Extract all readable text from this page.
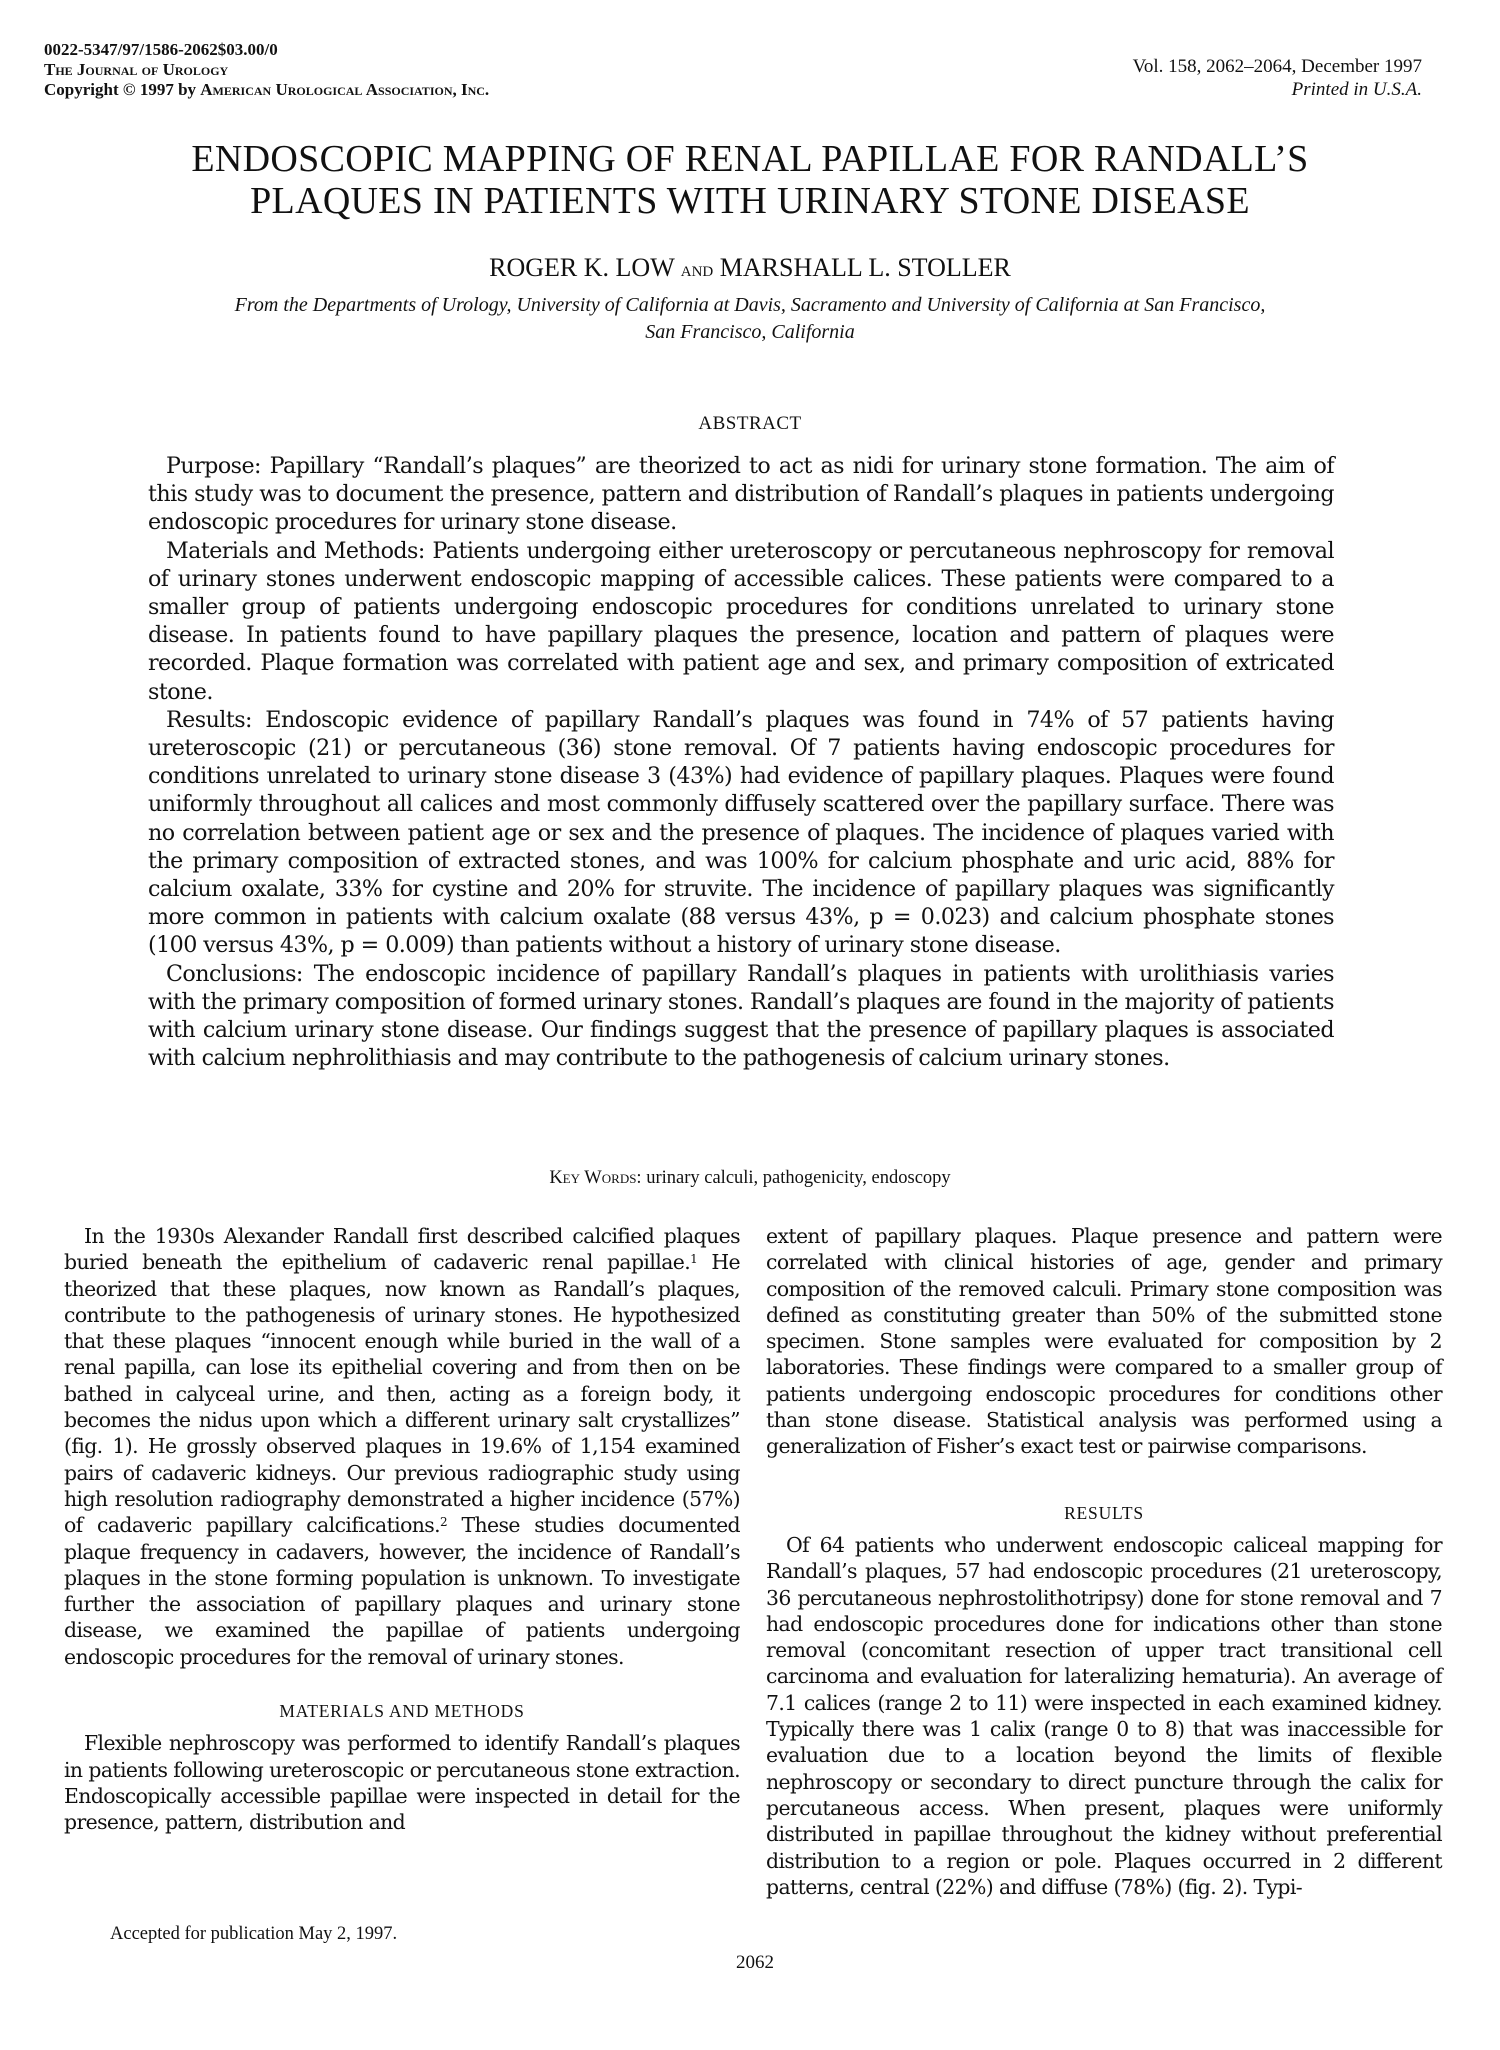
0022-5347/97/1586-2062$03.00/0
The Journal of Urology
Copyright © 1997 by American Urological Association, Inc.
Vol. 158, 2062–2064, December 1997
Printed in U.S.A.
ENDOSCOPIC MAPPING OF RENAL PAPILLAE FOR RANDALL’S
PLAQUES IN PATIENTS WITH URINARY STONE DISEASE
ROGER K. LOW and MARSHALL L. STOLLER
From the Departments of Urology, University of California at Davis, Sacramento and University of California at San Francisco,
San Francisco, California
ABSTRACT

Purpose: Papillary “Randall’s plaques” are theorized to act as nidi for urinary stone formation. The aim of this study was to document the presence, pattern and distribution of Randall’s plaques in patients undergoing endoscopic procedures for urinary stone disease.

Materials and Methods: Patients undergoing either ureteroscopy or percutaneous nephroscopy for removal of urinary stones underwent endoscopic mapping of accessible calices. These patients were compared to a smaller group of patients undergoing endoscopic procedures for conditions unrelated to urinary stone disease. In patients found to have papillary plaques the presence, location and pattern of plaques were recorded. Plaque formation was correlated with patient age and sex, and primary composition of extricated stone.

Results: Endoscopic evidence of papillary Randall’s plaques was found in 74% of 57 patients having ureteroscopic (21) or percutaneous (36) stone removal. Of 7 patients having endoscopic procedures for conditions unrelated to urinary stone disease 3 (43%) had evidence of papillary plaques. Plaques were found uniformly throughout all calices and most commonly diffusely scattered over the papillary surface. There was no correlation between patient age or sex and the presence of plaques. The incidence of plaques varied with the primary composition of extracted stones, and was 100% for calcium phosphate and uric acid, 88% for calcium oxalate, 33% for cystine and 20% for struvite. The incidence of papillary plaques was significantly more common in patients with calcium oxalate (88 versus 43%, p = 0.023) and calcium phosphate stones (100 versus 43%, p = 0.009) than patients without a history of urinary stone disease.

Conclusions: The endoscopic incidence of papillary Randall’s plaques in patients with urolithiasis varies with the primary composition of formed urinary stones. Randall’s plaques are found in the majority of patients with calcium urinary stone disease. Our findings suggest that the presence of papillary plaques is associated with calcium nephrolithiasis and may contribute to the pathogenesis of calcium urinary stones.

Key Words: urinary calculi, pathogenicity, endoscopy

In the 1930s Alexander Randall first described calcified plaques buried beneath the epithelium of cadaveric renal papillae.$^1$ He theorized that these plaques, now known as Randall’s plaques, contribute to the pathogenesis of urinary stones. He hypothesized that these plaques “innocent enough while buried in the wall of a renal papilla, can lose its epithelial covering and from then on be bathed in calyceal urine, and then, acting as a foreign body, it becomes the nidus upon which a different urinary salt crystallizes” (fig. 1). He grossly observed plaques in 19.6% of 1,154 examined pairs of cadaveric kidneys. Our previous radiographic study using high resolution radiography demonstrated a higher incidence (57%) of cadaveric papillary calcifications.$^2$ These studies documented plaque frequency in cadavers, however, the incidence of Randall’s plaques in the stone forming population is unknown. To investigate further the association of papillary plaques and urinary stone disease, we examined the papillae of patients undergoing endoscopic procedures for the removal of urinary stones.

MATERIALS AND METHODS

Flexible nephroscopy was performed to identify Randall’s plaques in patients following ureteroscopic or percutaneous stone extraction. Endoscopically accessible papillae were inspected in detail for the presence, pattern, distribution and

extent of papillary plaques. Plaque presence and pattern were correlated with clinical histories of age, gender and primary composition of the removed calculi. Primary stone composition was defined as constituting greater than 50% of the submitted stone specimen. Stone samples were evaluated for composition by 2 laboratories. These findings were compared to a smaller group of patients undergoing endoscopic procedures for conditions other than stone disease. Statistical analysis was performed using a generalization of Fisher’s exact test or pairwise comparisons.

RESULTS

Of 64 patients who underwent endoscopic caliceal mapping for Randall’s plaques, 57 had endoscopic procedures (21 ureteroscopy, 36 percutaneous nephrostolithotripsy) done for stone removal and 7 had endoscopic procedures done for indications other than stone removal (concomitant resection of upper tract transitional cell carcinoma and evaluation for lateralizing hematuria). An average of 7.1 calices (range 2 to 11) were inspected in each examined kidney. Typically there was 1 calix (range 0 to 8) that was inaccessible for evaluation due to a location beyond the limits of flexible nephroscopy or secondary to direct puncture through the calix for percutaneous access. When present, plaques were uniformly distributed in papillae throughout the kidney without preferential distribution to a region or pole. Plaques occurred in 2 different patterns, central (22%) and diffuse (78%) (fig. 2). Typi-

Accepted for publication May 2, 1997.
2062
